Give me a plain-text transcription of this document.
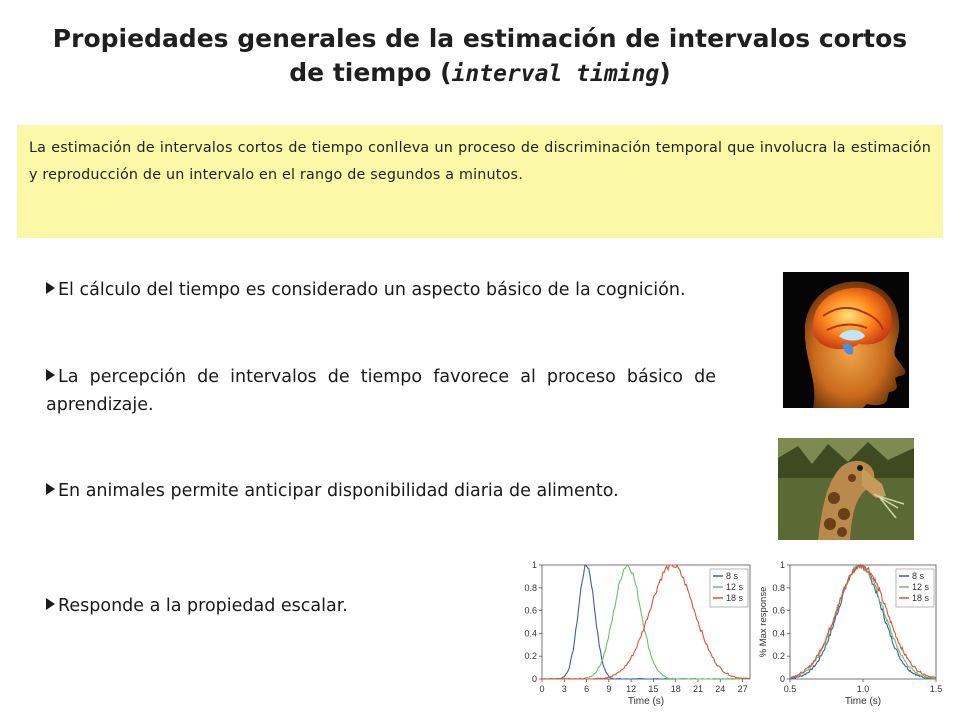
Propiedades generales de la estimación de intervalos cortos
de tiempo (interval timing)

La estimación de intervalos cortos de tiempo conlleva un proceso de discriminación temporal que involucra la estimación y reproducción de un intervalo en el rango de segundos a minutos.

El cálculo del tiempo es considerado un aspecto básico de la cognición.
La percepción de intervalos de tiempo favorece al proceso básico de aprendizaje.
En animales permite anticipar disponibilidad diaria de alimento.
Responde a la propiedad escalar.
0
0.2
0.4
0.6
0.8
1
0 3 6 9 12 15 18 21 24 27
Time (s)
8 s
12 s
18 s
0
0.2
0.4
0.6
0.8
1
0.5	1.0	1.5
Time (s)
% Max response
8 s
12 s
18 s
